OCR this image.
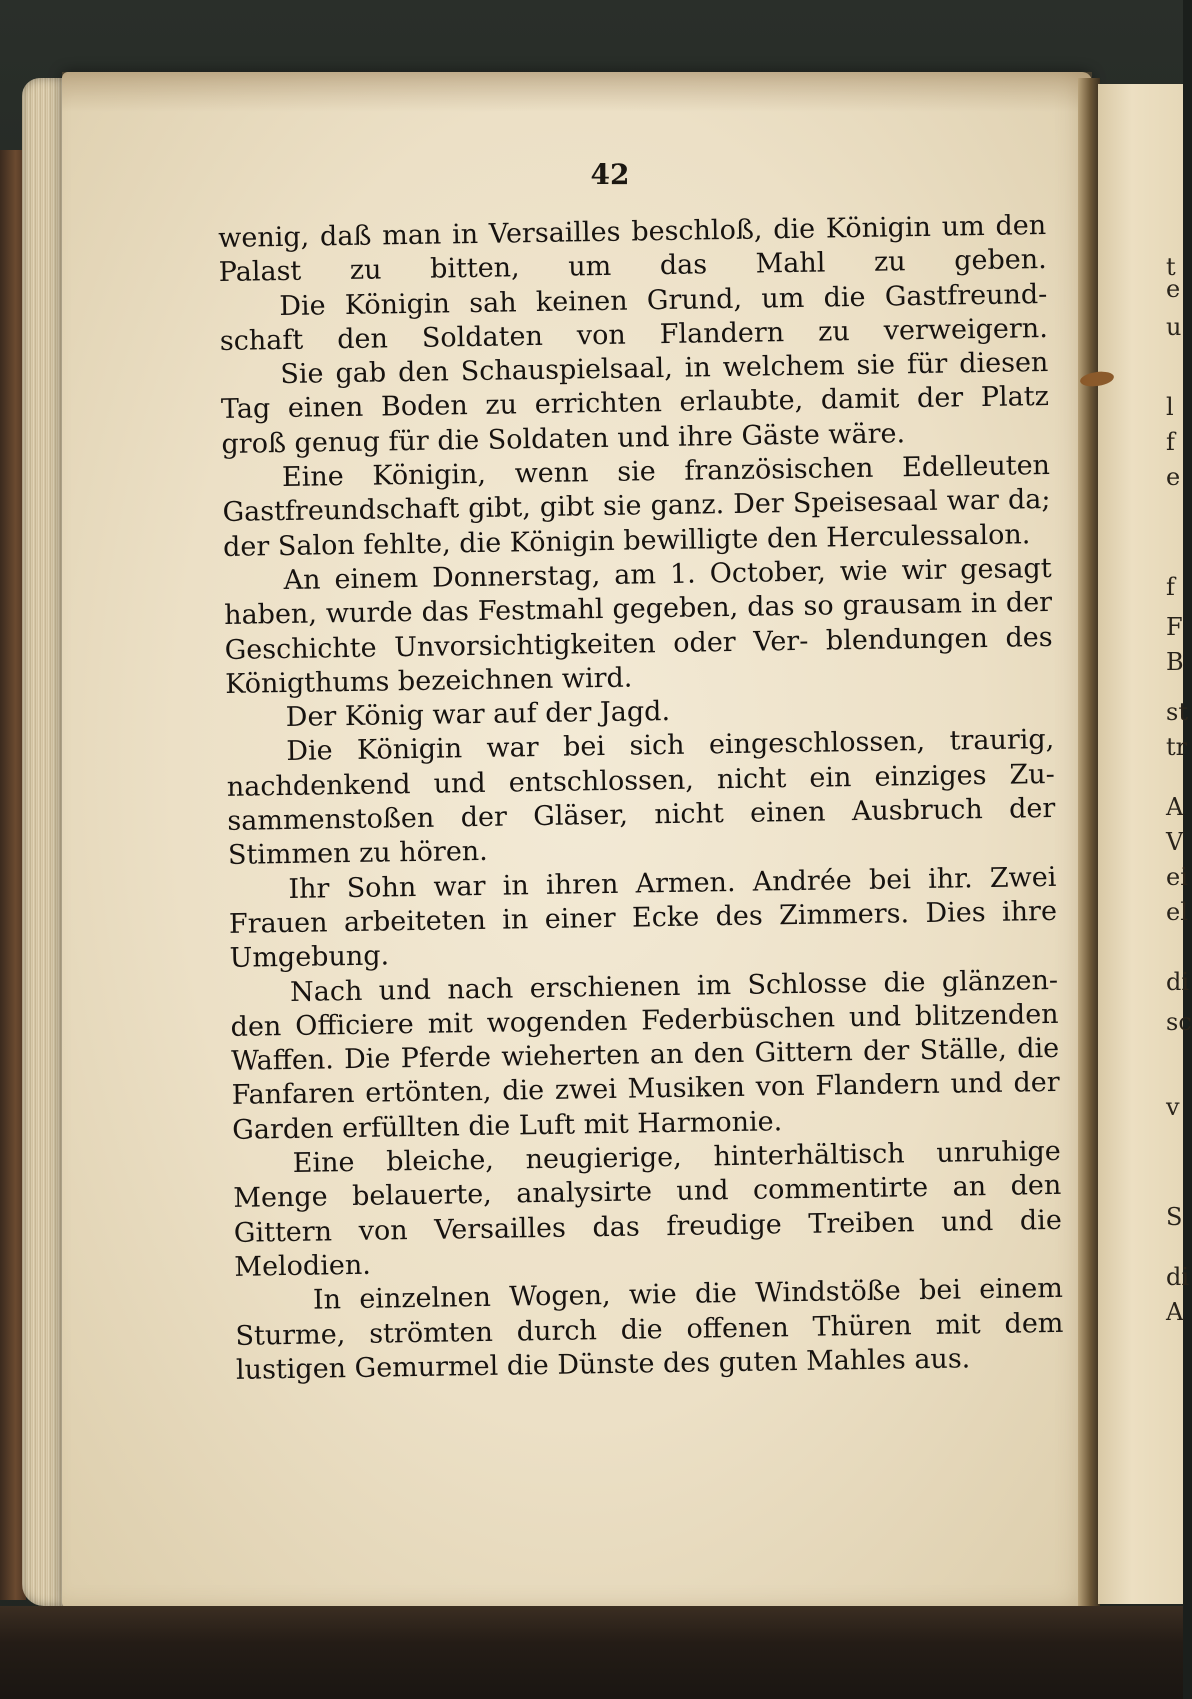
42

wenig, daß man in Versailles beschloß, die Königin um den Palast zu bitten, um das Mahl zu geben.

Die Königin sah keinen Grund, um die Gastfreund- schaft den Soldaten von Flandern zu verweigern.

Sie gab den Schauspielsaal, in welchem sie für diesen Tag einen Boden zu errichten erlaubte, damit der Platz groß genug für die Soldaten und ihre Gäste wäre.

Eine Königin, wenn sie französischen Edelleuten Gastfreundschaft gibt, gibt sie ganz. Der Speisesaal war da; der Salon fehlte, die Königin bewilligte den Herculessalon.

An einem Donnerstag, am 1. October, wie wir gesagt haben, wurde das Festmahl gegeben, das so grausam in der Geschichte Unvorsichtigkeiten oder Ver- blendungen des Königthums bezeichnen wird.

Der König war auf der Jagd.

Die Königin war bei sich eingeschlossen, traurig, nachdenkend und entschlossen, nicht ein einziges Zu- sammenstoßen der Gläser, nicht einen Ausbruch der Stimmen zu hören.

Ihr Sohn war in ihren Armen. Andrée bei ihr. Zwei Frauen arbeiteten in einer Ecke des Zimmers. Dies ihre Umgebung.

Nach und nach erschienen im Schlosse die glänzen- den Officiere mit wogenden Federbüschen und blitzenden Waffen. Die Pferde wieherten an den Gittern der Ställe, die Fanfaren ertönten, die zwei Musiken von Flandern und der Garden erfüllten die Luft mit Harmonie.

Eine bleiche, neugierige, hinterhältisch unruhige Menge belauerte, analysirte und commentirte an den Gittern von Versailles das freudige Treiben und die Melodien.

In einzelnen Wogen, wie die Windstöße bei einem Sturme, strömten durch die offenen Thüren mit dem lustigen Gemurmel die Dünste des guten Mahles aus.

t
e
u
l
f
e
f
F
B
st
tr
A
V
ei
el
di
sc
v
S
di
A
